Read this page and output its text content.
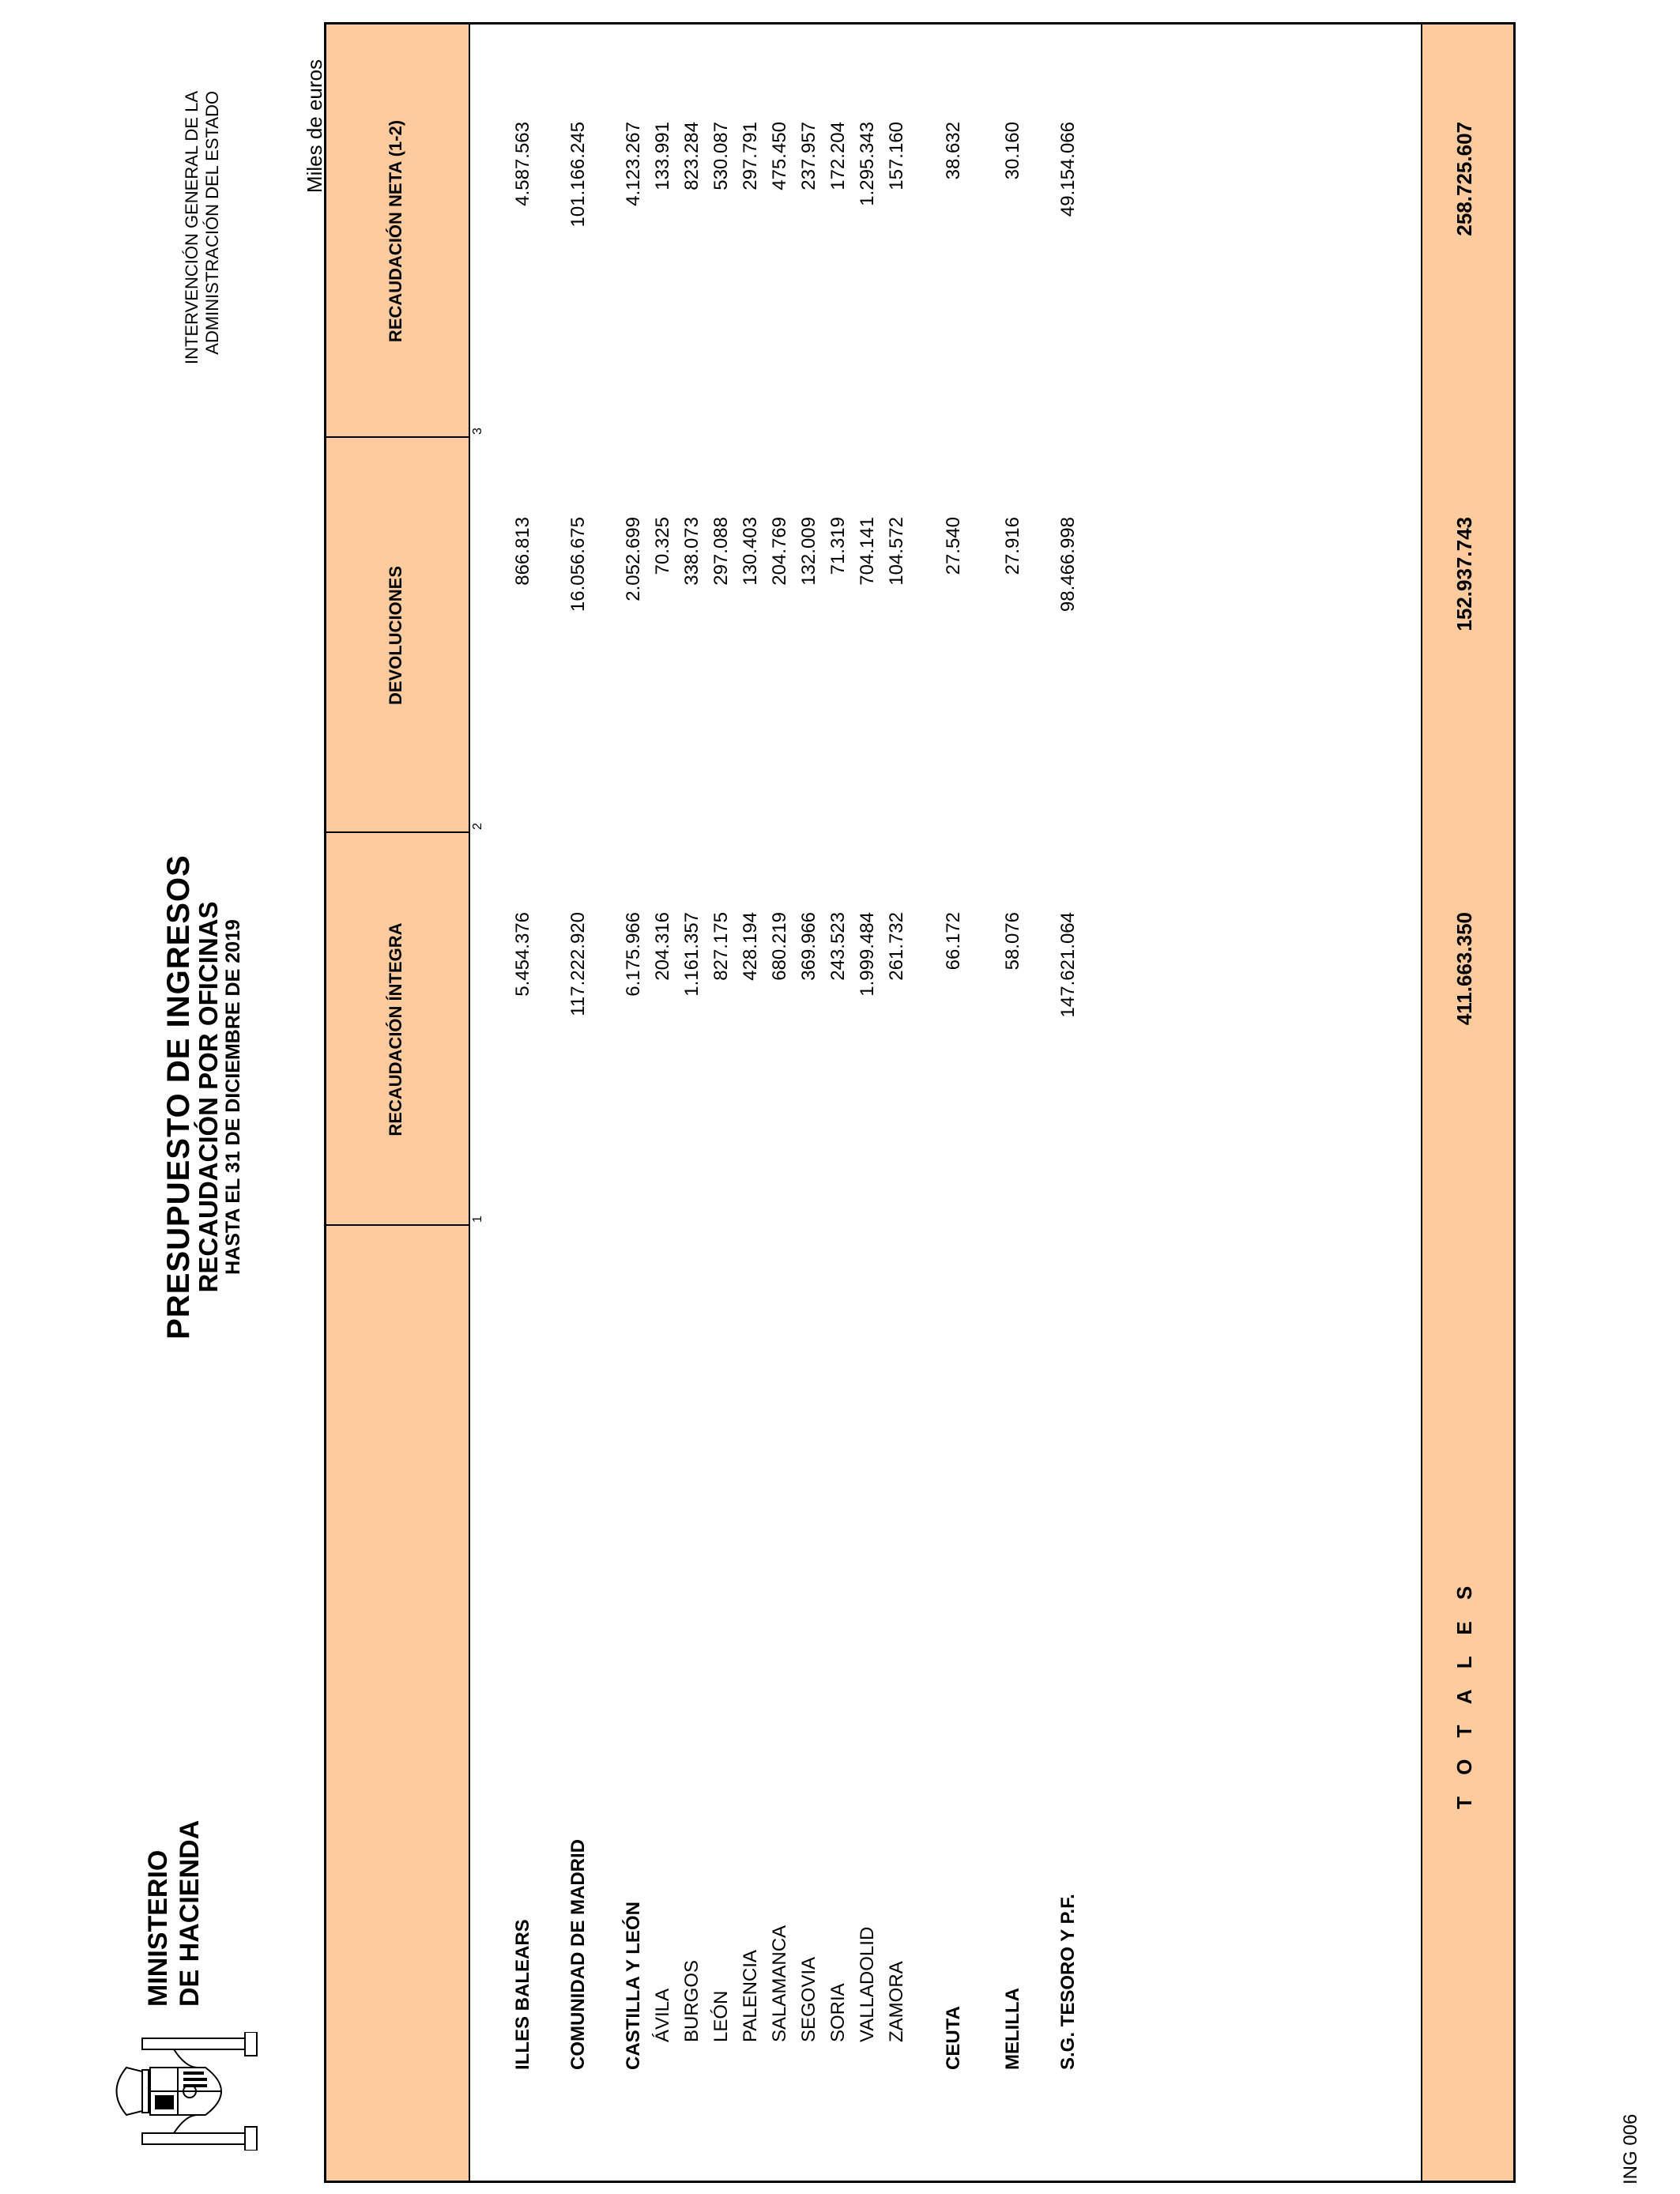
MINISTERIO DE HACIENDA
PRESUPUESTO DE INGRESOS
RECAUDACIÓN POR OFICINAS HASTA EL 31 DE DICIEMBRE DE 2019
INTERVENCIÓN GENERAL DE LA ADMINISTRACIÓN DEL ESTADO	Miles de euros
RECAUDACIÓN ÍNTEGRA
DEVOLUCIONES
RECAUDACIÓN NETA (1-2)
1
2
3
ILLES BALEARS
5.454.376
866.813
4.587.563
COMUNIDAD DE MADRID
117.222.920
16.056.675
101.166.245
CASTILLA Y LEÓN
6.175.966
2.052.699
4.123.267
ÁVILA
204.316
70.325
133.991
BURGOS
1.161.357
338.073
823.284
LEÓN
827.175
297.088
530.087
PALENCIA
428.194
130.403
297.791
SALAMANCA
680.219
204.769
475.450
SEGOVIA
369.966
132.009
237.957
SORIA
243.523
71.319
172.204
VALLADOLID
1.999.484
704.141
1.295.343
ZAMORA
261.732
104.572
157.160
CEUTA
66.172
27.540
38.632
MELILLA
58.076
27.916
30.160
S.G. TESORO Y P.F.
147.621.064
98.466.998
49.154.066
T O T A L E S
411.663.350
152.937.743
258.725.607
ING 006
